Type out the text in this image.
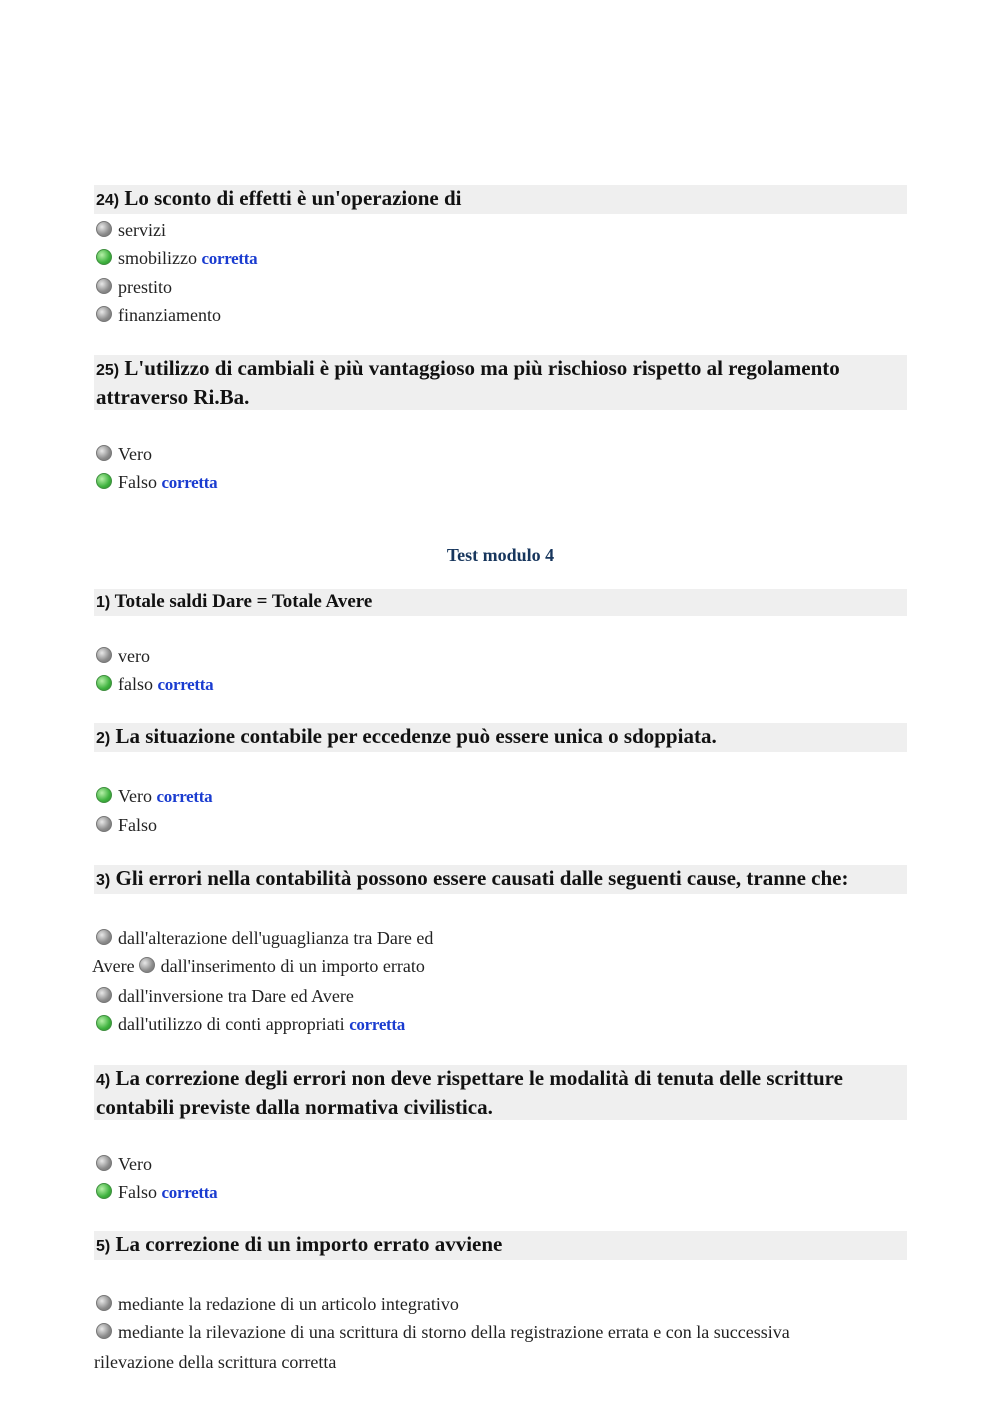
24) Lo sconto di effetti è un'operazione di
servizi
smobilizzo corretta
prestito
finanziamento
25) L'utilizzo di cambiali è più vantaggioso ma più rischioso rispetto al regolamento attraverso Ri.Ba.
Vero
Falso corretta
Test modulo 4
1) Totale saldi Dare = Totale Avere
vero
falso corretta
2) La situazione contabile per eccedenze può essere unica o sdoppiata.
Vero corretta
Falso
3) Gli errori nella contabilità possono essere causati dalle seguenti cause, tranne che:
dall'alterazione dell'uguaglianza tra Dare ed
Avere dall'inserimento di un importo errato
dall'inversione tra Dare ed Avere
dall'utilizzo di conti appropriati corretta
4) La correzione degli errori non deve rispettare le modalità di tenuta delle scritture contabili previste dalla normativa civilistica.
Vero
Falso corretta
5) La correzione di un importo errato avviene
mediante la redazione di un articolo integrativo
mediante la rilevazione di una scrittura di storno della registrazione errata e con la successiva
rilevazione della scrittura corretta
